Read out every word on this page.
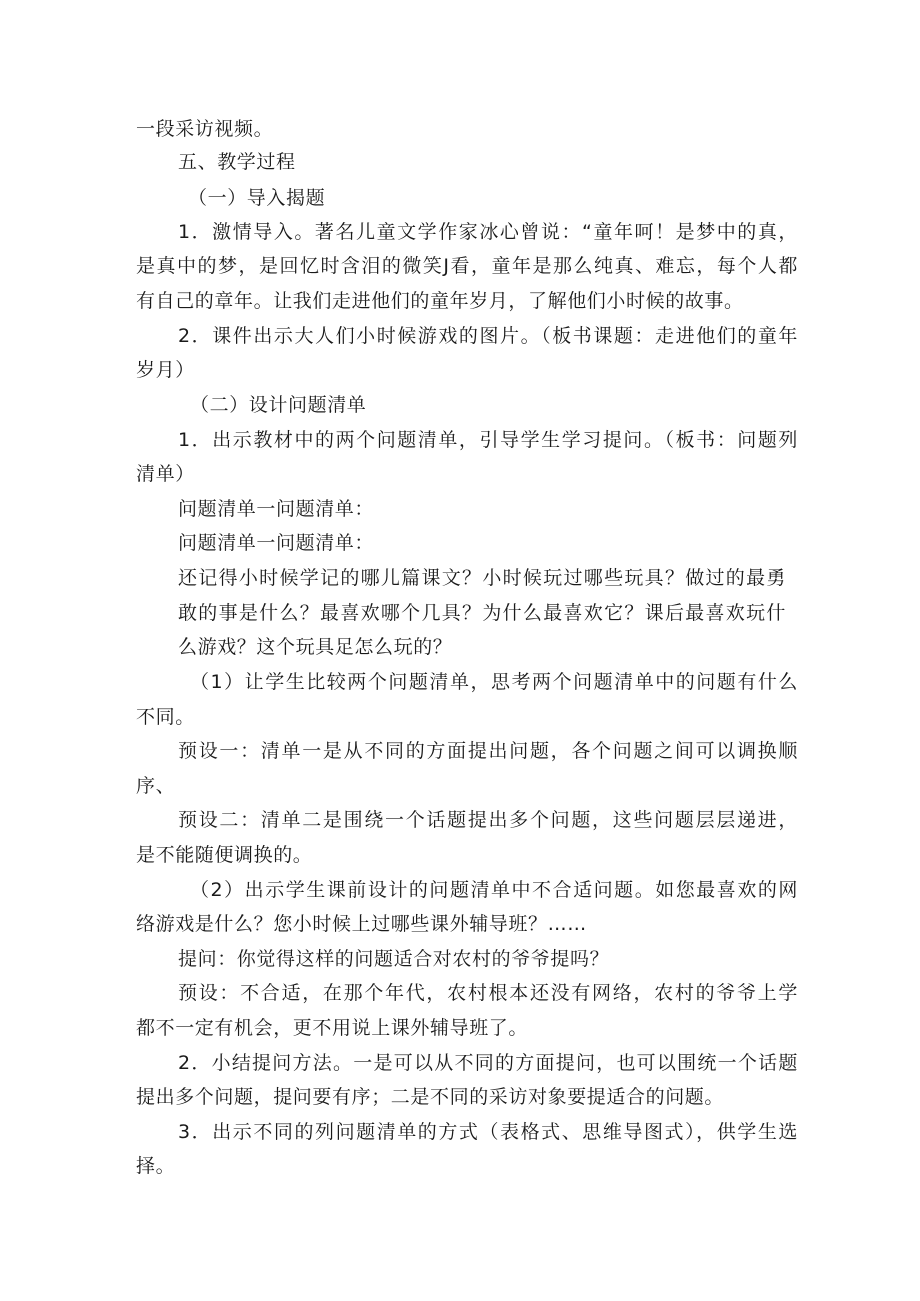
一段采访视频。
五、教学过程
（一）导入揭题
1．激情导入。著名儿童文学作家冰心曾说：“童年呵！是梦中的真，
是真中的梦，是回忆时含泪的微笑J看，童年是那么纯真、难忘，每个人都
有自己的章年。让我们走进他们的童年岁月，了解他们小时候的故事。
2．课件出示大人们小时候游戏的图片。（板书课题：走进他们的童年
岁月）
（二）设计问题清单
1．出示教材中的两个问题清单，引导学生学习提问。（板书：问题列
清单）
问题清单一问题清单：
问题清单一问题清单：
还记得小时候学记的哪儿篇课文？小时候玩过哪些玩具？做过的最勇
敢的事是什么？最喜欢哪个几具？为什么最喜欢它？课后最喜欢玩什
么游戏？这个玩具足怎么玩的？
（1）让学生比较两个问题清单，思考两个问题清单中的问题有什么
不同。
预设一：清单一是从不同的方面提出问题，各个问题之间可以调换顺
序、
预设二：清单二是围绕一个话题提出多个问题，这些问题层层递进，
是不能随便调换的。
（2）出示学生课前设计的问题清单中不合适问题。如您最喜欢的网
络游戏是什么？您小时候上过哪些课外辅导班？……
提问：你觉得这样的问题适合对农村的爷爷提吗？
预设：不合适，在那个年代，农村根本还没有网络，农村的爷爷上学
都不一定有机会，更不用说上课外辅导班了。
2．小结提问方法。一是可以从不同的方面提问，也可以围统一个话题
提出多个问题，提问要有序；二是不同的采访对象要提适合的问题。
3．出示不同的列问题清单的方式（表格式、思维导图式），供学生选
择。
